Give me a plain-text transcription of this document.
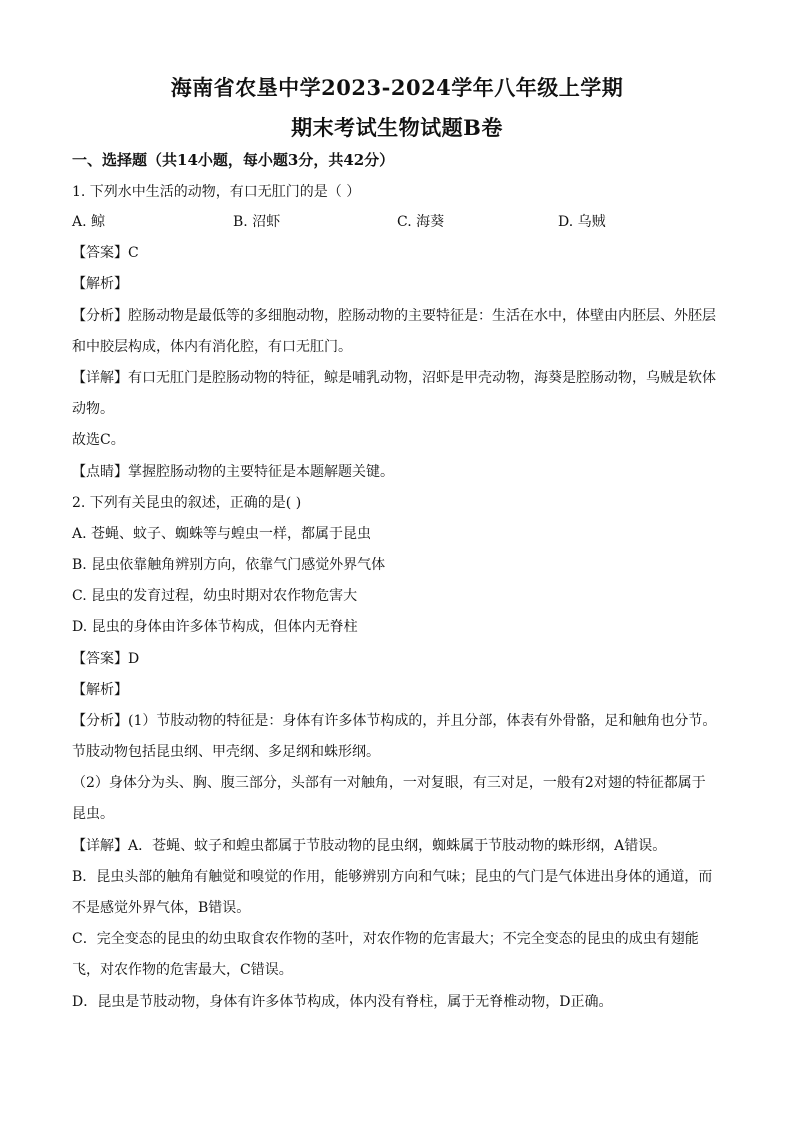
海南省农垦中学2023-2024学年八年级上学期
期末考试生物试题B卷
一、选择题（共14小题，每小题3分，共42分）
1. 下列水中生活的动物，有口无肛门的是（ ）
A. 鲸	B. 沼虾	C. 海葵	D. 乌贼
【答案】C
【解析】
【分析】腔肠动物是最低等的多细胞动物，腔肠动物的主要特征是：生活在水中，体壁由内胚层、外胚层
和中胶层构成，体内有消化腔，有口无肛门。
【详解】有口无肛门是腔肠动物的特征，鲸是哺乳动物，沼虾是甲壳动物，海葵是腔肠动物，乌贼是软体
动物。
故选C。
【点睛】掌握腔肠动物的主要特征是本题解题关键。
2. 下列有关昆虫的叙述，正确的是( )
A. 苍蝇、蚊子、蜘蛛等与蝗虫一样，都属于昆虫
B. 昆虫依靠触角辨别方向，依靠气门感觉外界气体
C. 昆虫的发育过程，幼虫时期对农作物危害大
D. 昆虫的身体由许多体节构成，但体内无脊柱
【答案】D
【解析】
【分析】(1）节肢动物的特征是：身体有许多体节构成的，并且分部，体表有外骨骼，足和触角也分节。
节肢动物包括昆虫纲、甲壳纲、多足纲和蛛形纲。
（2）身体分为头、胸、腹三部分，头部有一对触角，一对复眼，有三对足，一般有2对翅的特征都属于
昆虫。
【详解】A．苍蝇、蚊子和蝗虫都属于节肢动物的昆虫纲，蜘蛛属于节肢动物的蛛形纲，A错误。
B．昆虫头部的触角有触觉和嗅觉的作用，能够辨别方向和气味；昆虫的气门是气体进出身体的通道，而
不是感觉外界气体，B错误。
C．完全变态的昆虫的幼虫取食农作物的茎叶，对农作物的危害最大；不完全变态的昆虫的成虫有翅能
飞，对农作物的危害最大，C错误。
D．昆虫是节肢动物，身体有许多体节构成，体内没有脊柱，属于无脊椎动物，D正确。
